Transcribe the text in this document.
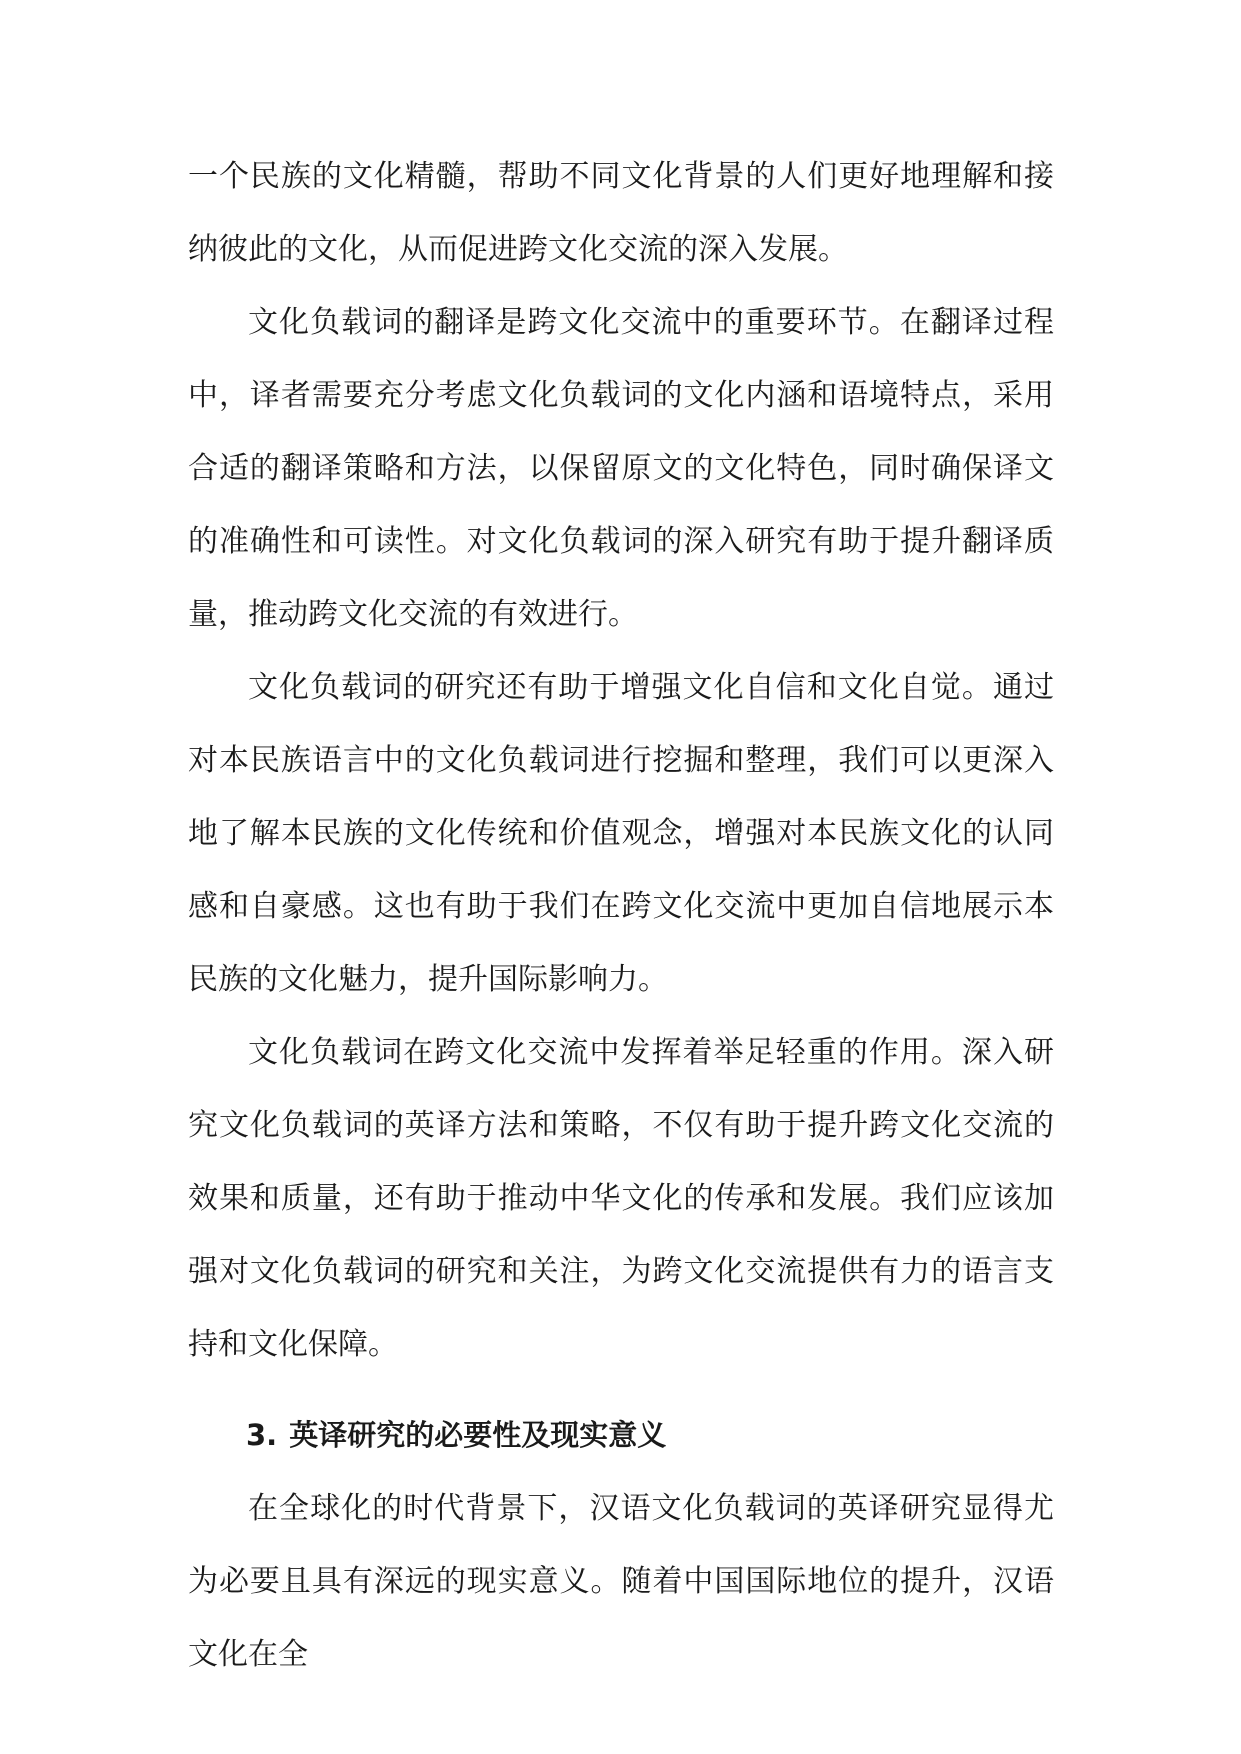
一个民族的文化精髓，帮助不同文化背景的人们更好地理解和接纳彼此的文化，从而促进跨文化交流的深入发展。

文化负载词的翻译是跨文化交流中的重要环节。在翻译过程中，译者需要充分考虑文化负载词的文化内涵和语境特点，采用合适的翻译策略和方法，以保留原文的文化特色，同时确保译文的准确性和可读性。对文化负载词的深入研究有助于提升翻译质量，推动跨文化交流的有效进行。

文化负载词的研究还有助于增强文化自信和文化自觉。通过对本民族语言中的文化负载词进行挖掘和整理，我们可以更深入地了解本民族的文化传统和价值观念，增强对本民族文化的认同感和自豪感。这也有助于我们在跨文化交流中更加自信地展示本民族的文化魅力，提升国际影响力。

文化负载词在跨文化交流中发挥着举足轻重的作用。深入研究文化负载词的英译方法和策略，不仅有助于提升跨文化交流的效果和质量，还有助于推动中华文化的传承和发展。我们应该加强对文化负载词的研究和关注，为跨文化交流提供有力的语言支持和文化保障。

3. 英译研究的必要性及现实意义

在全球化的时代背景下，汉语文化负载词的英译研究显得尤为必要且具有深远的现实意义。随着中国国际地位的提升，汉语文化在全
